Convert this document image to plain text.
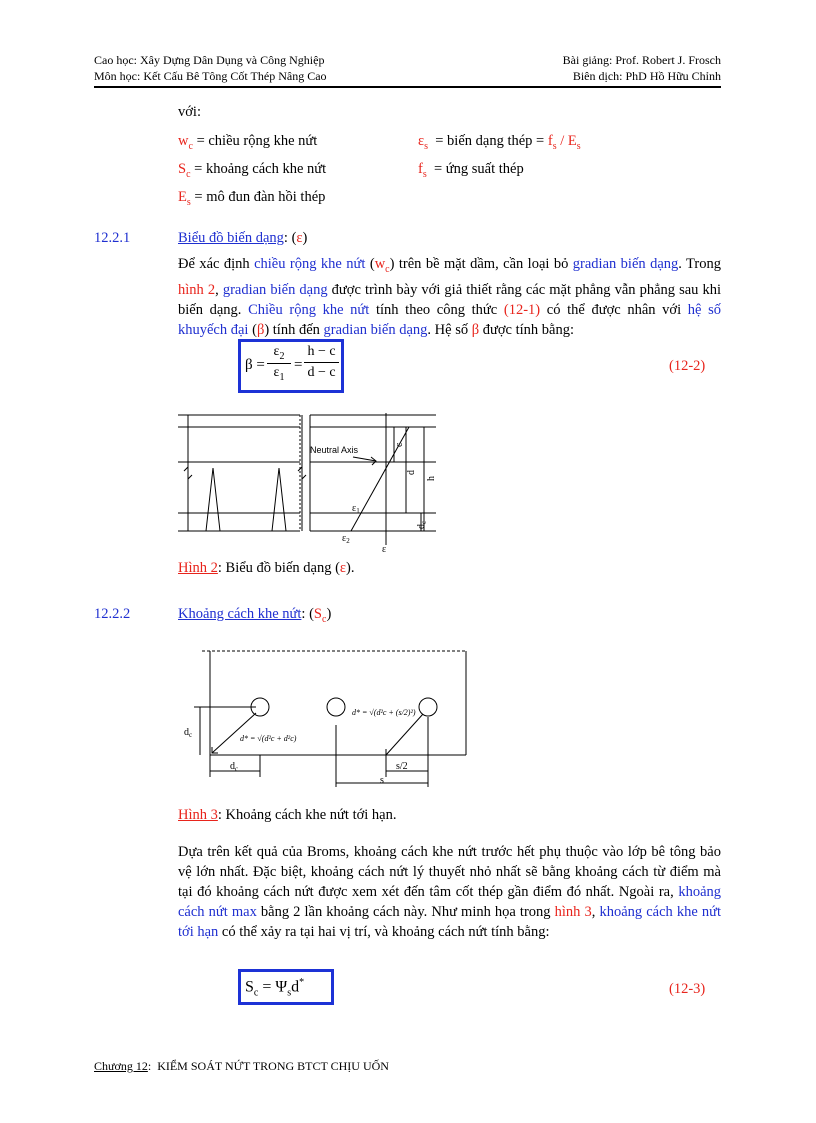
Cao học: Xây Dựng Dân Dụng và Công Nghiệp
Môn học: Kết Cấu Bê Tông Cốt Thép Nâng Cao
Bài giảng: Prof. Robert J. Frosch
Biên dịch: PhD Hồ Hữu Chỉnh
với:
$w_c$ = chiều rộng khe nứt
$S_c$ = khoảng cách khe nứt
$E_s$ = mô đun đàn hồi thép
$\varepsilon_s$  = biến dạng thép = $f_s / E_s$
$f_s$  = ứng suất thép
12.2.1	Biểu đồ biến dạng: (ε)
Để xác định chiều rộng khe nứt $(w_c)$ trên bề mặt dầm, cần loại bỏ gradian biến dạng. Trong hình 2, gradian biến dạng được trình bày với giả thiết rằng các mặt phẳng vẫn phẳng sau khi biến dạng. Chiều rộng khe nứt tính theo công thức (12-1) có thể được nhân với hệ số khuyếch đại (β) tính đến gradian biến dạng. Hệ số β được tính bằng:
β =
$\varepsilon_2$
$\varepsilon_1$
=
h − c
d − c	(12-2)
Neutral Axis
c
d
h
$d_c$
$\varepsilon_1$
$\varepsilon_2$
ε
Hình 2: Biểu đồ biến dạng (ε).
12.2.2	Khoảng cách khe nứt: $(S_c)$
$d_c$
$d_c$
d* = √(d²c + d²c)
d* = √(d²c + (s/2)²)
s/2
s
Hình 3: Khoảng cách khe nứt tới hạn.
Dựa trên kết quả của Broms, khoảng cách khe nứt trước hết phụ thuộc vào lớp bê tông bảo vệ lớn nhất. Đặc biệt, khoảng cách nứt lý thuyết nhỏ nhất sẽ bằng khoảng cách từ điểm mà tại đó khoảng cách nứt được xem xét đến tâm cốt thép gần điểm đó nhất. Ngoài ra, khoảng cách nứt max bằng 2 lần khoảng cách này. Như minh họa trong hình 3, khoảng cách khe nứt tới hạn có thể xảy ra tại hai vị trí, và khoảng cách nứt tính bằng:
$S_c = \Psi_sd^*$	(12-3)
Chương 12:  KIỂM SOÁT NỨT TRONG BTCT CHỊU UỐN
